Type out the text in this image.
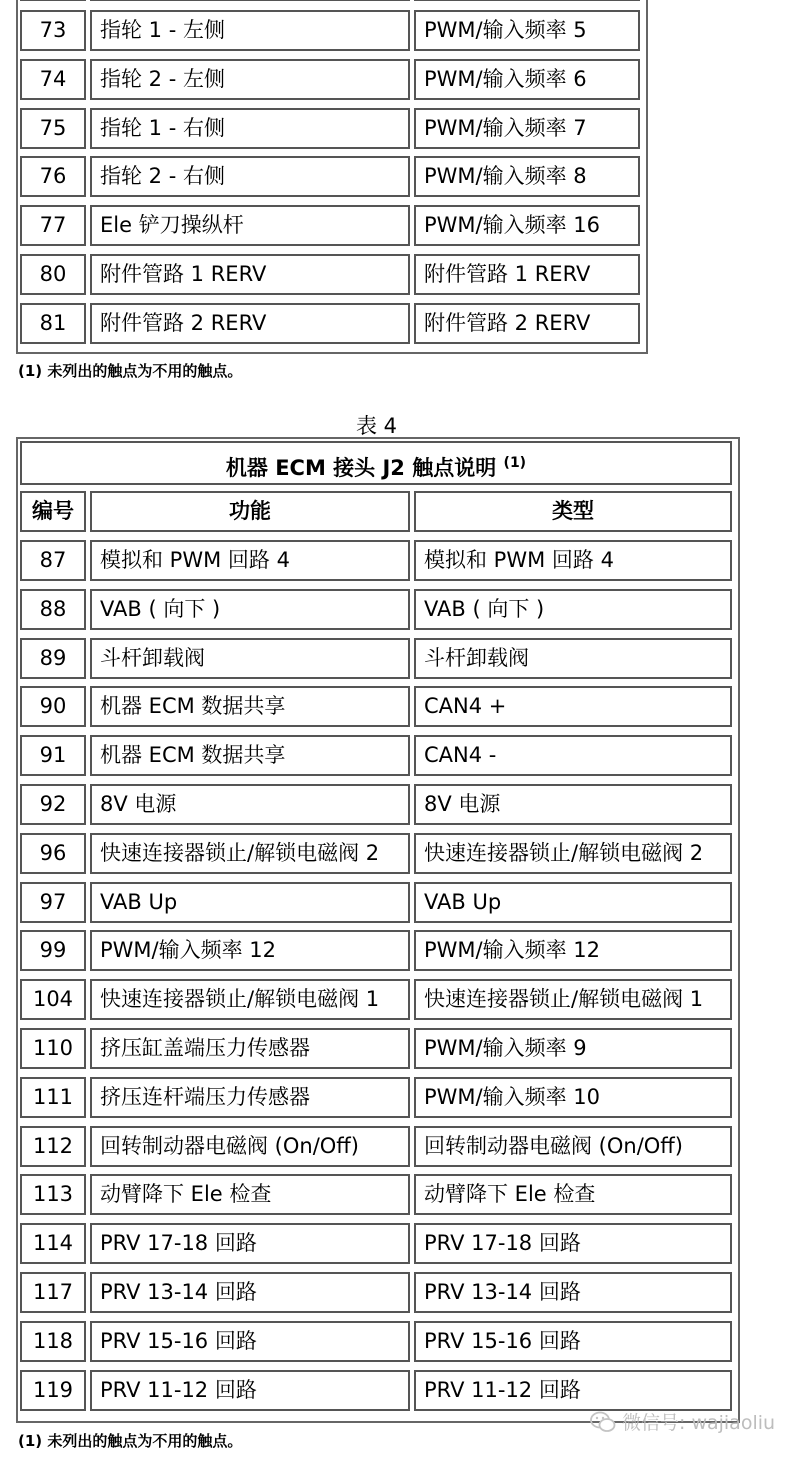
73	指轮 1 - 左侧	PWM/输入频率 5
74	指轮 2 - 左侧	PWM/输入频率 6
75	指轮 1 - 右侧	PWM/输入频率 7
76	指轮 2 - 右侧	PWM/输入频率 8
77	Ele 铲刀操纵杆	PWM/输入频率 16
80	附件管路 1 RERV	附件管路 1 RERV
81	附件管路 2 RERV	附件管路 2 RERV
(1) 未列出的触点为不用的触点。
表 4
机器 ECM 接头 J2 触点说明 $^{(1)}$
编号	功能	类型
87	模拟和 PWM 回路 4	模拟和 PWM 回路 4
88	VAB ( 向下 )	VAB ( 向下 )
89	斗杆卸载阀	斗杆卸载阀
90	机器 ECM 数据共享	CAN4 +
91	机器 ECM 数据共享	CAN4 -
92	8V 电源	8V 电源
96	快速连接器锁止/解锁电磁阀 2	快速连接器锁止/解锁电磁阀 2
97	VAB Up	VAB Up
99	PWM/输入频率 12	PWM/输入频率 12
104	快速连接器锁止/解锁电磁阀 1	快速连接器锁止/解锁电磁阀 1
110	挤压缸盖端压力传感器	PWM/输入频率 9
111	挤压连杆端压力传感器	PWM/输入频率 10
112	回转制动器电磁阀 (On/Off)	回转制动器电磁阀 (On/Off)
113	动臂降下 Ele 检查	动臂降下 Ele 检查
114	PRV 17-18 回路	PRV 17-18 回路
117	PRV 13-14 回路	PRV 13-14 回路
118	PRV 15-16 回路	PRV 15-16 回路
119	PRV 11-12 回路	PRV 11-12 回路
(1) 未列出的触点为不用的触点。
微信号: wajiaoliu
